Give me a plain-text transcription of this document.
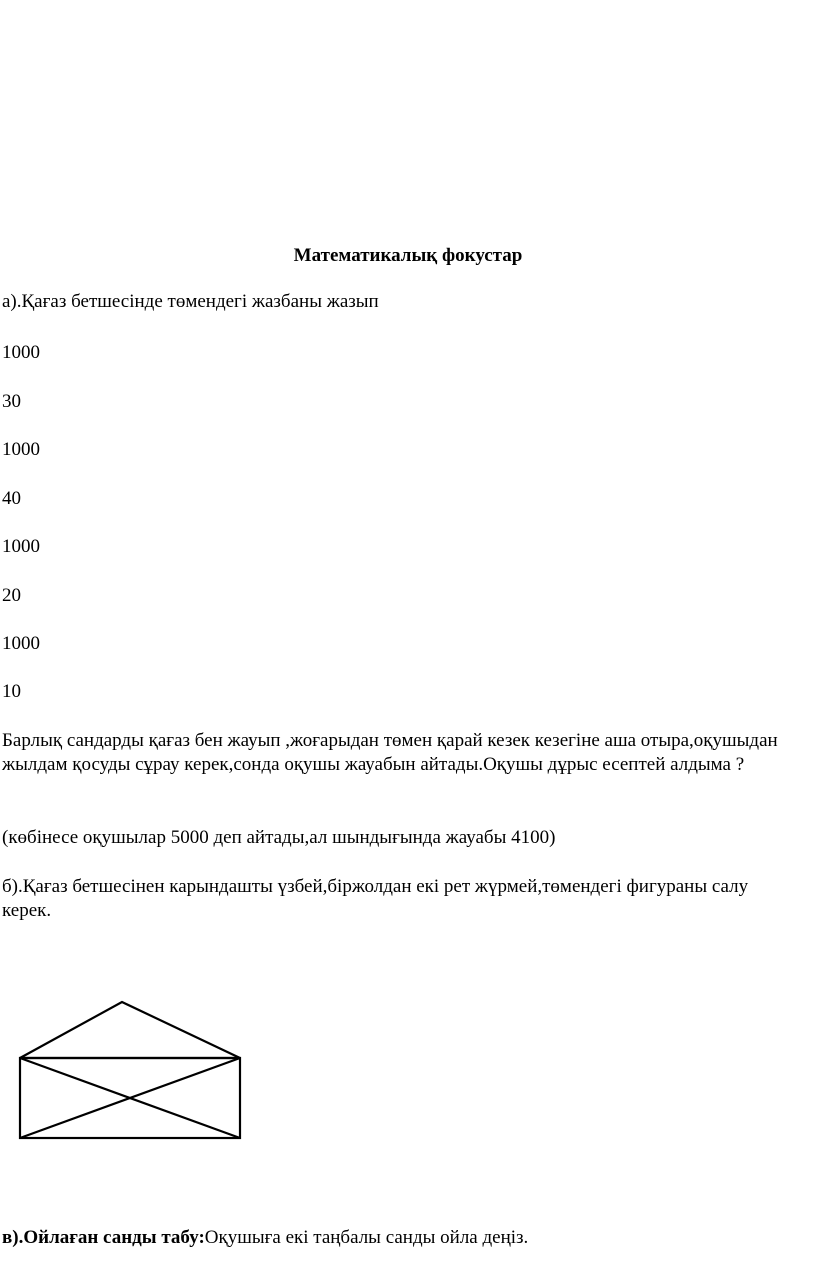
Математикалық фокустар
а).Қағаз бетшесінде төмендегі жазбаны жазып
1000
30
1000
40
1000
20
1000
10
Барлық сандарды қағаз бен жауып ,жоғарыдан төмен қарай кезек кезегіне аша отыра,оқушыдан жылдам қосуды сұрау керек,сонда оқушы жауабын айтады.Оқушы дұрыс есептей алдыма ?
(көбінесе оқушылар 5000 деп айтады,ал шындығында жауабы 4100)
б).Қағаз бетшесінен карындашты үзбей,біржолдан екі рет жүрмей,төмендегі фигураны салу керек.
в).Ойлаған санды табу:Оқушыға екі таңбалы санды ойла деңіз.
